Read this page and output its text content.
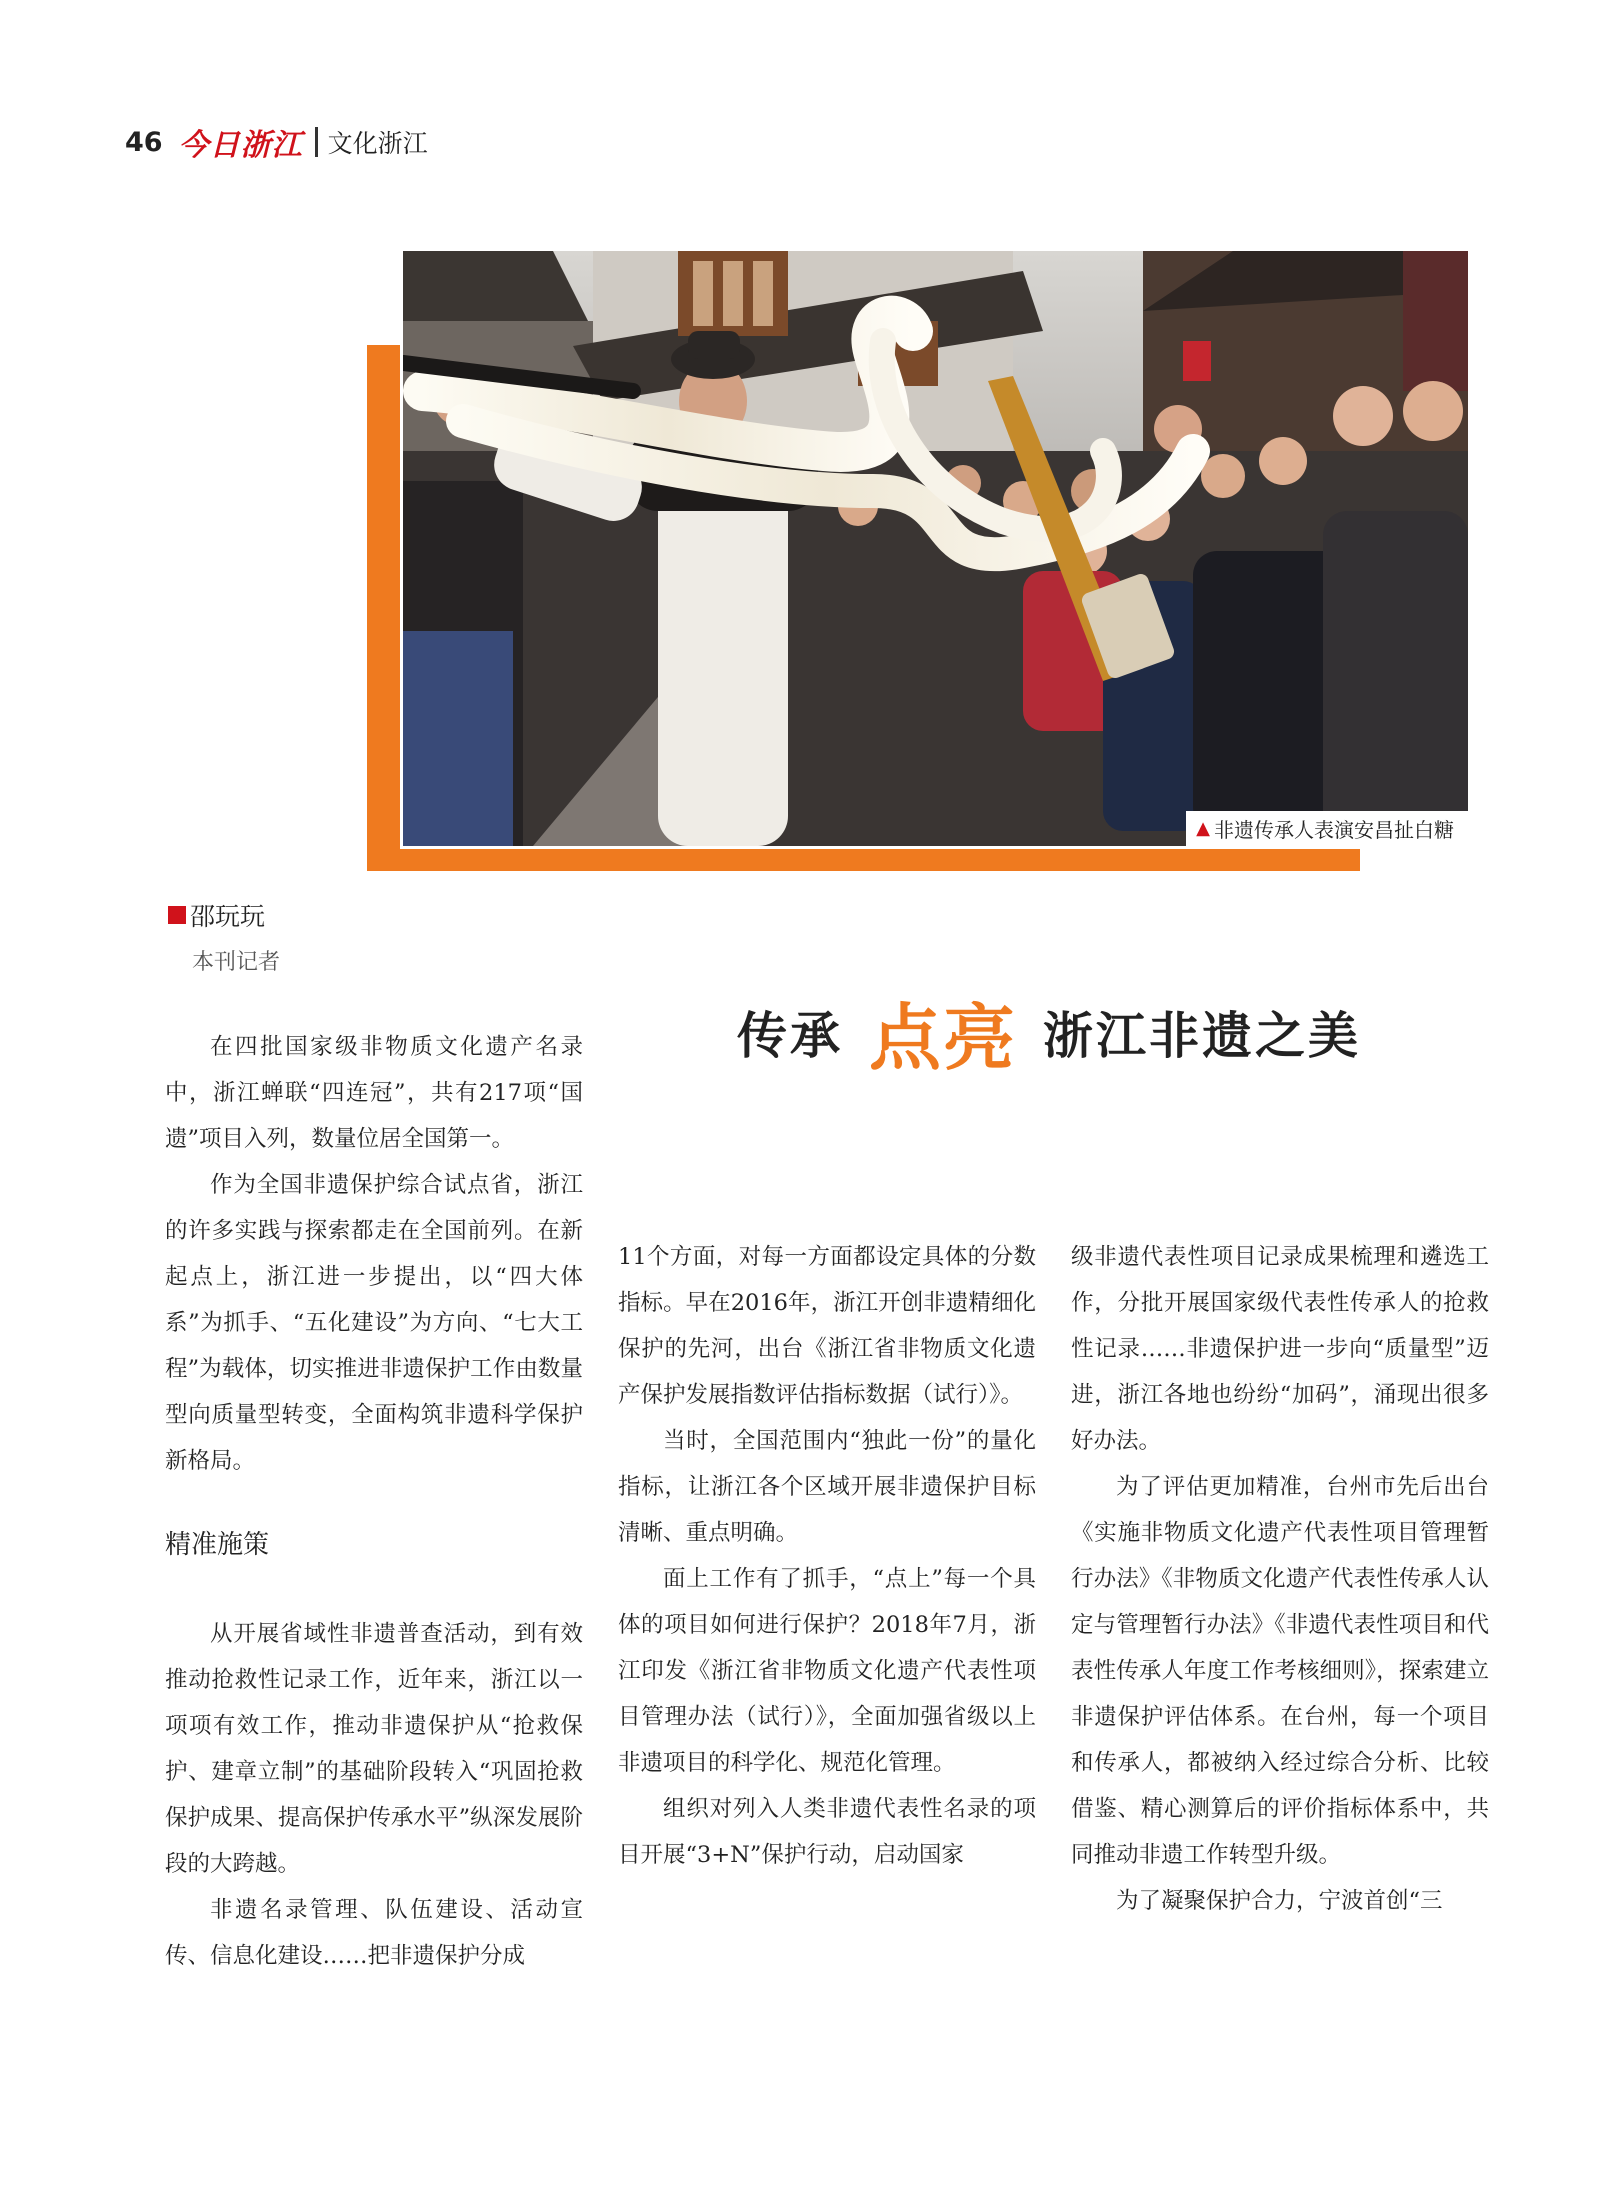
46 今日浙江 文化浙江
▲ 非遗传承人表演安昌扯白糖
邵玩玩
本刊记者
传承 点亮 浙江非遗之美

在四批国家级非物质文化遗产名录中，浙江蝉联“四连冠”，共有217项“国遗”项目入列，数量位居全国第一。

作为全国非遗保护综合试点省，浙江的许多实践与探索都走在全国前列。在新起点上，浙江进一步提出，以“四大体系”为抓手、“五化建设”为方向、“七大工程”为载体，切实推进非遗保护工作由数量型向质量型转变，全面构筑非遗科学保护新格局。

精准施策

从开展省域性非遗普查活动，到有效推动抢救性记录工作，近年来，浙江以一项项有效工作，推动非遗保护从“抢救保护、建章立制”的基础阶段转入“巩固抢救保护成果、提高保护传承水平”纵深发展阶段的大跨越。

非遗名录管理、队伍建设、活动宣传、信息化建设……把非遗保护分成

11个方面，对每一方面都设定具体的分数指标。早在2016年，浙江开创非遗精细化保护的先河，出台《浙江省非物质文化遗产保护发展指数评估指标数据（试行）》。

当时，全国范围内“独此一份”的量化指标，让浙江各个区域开展非遗保护目标清晰、重点明确。

面上工作有了抓手，“点上”每一个具体的项目如何进行保护？2018年7月，浙江印发《浙江省非物质文化遗产代表性项目管理办法（试行）》，全面加强省级以上非遗项目的科学化、规范化管理。

组织对列入人类非遗代表性名录的项目开展“3+N”保护行动，启动国家

级非遗代表性项目记录成果梳理和遴选工作，分批开展国家级代表性传承人的抢救性记录……非遗保护进一步向“质量型”迈进，浙江各地也纷纷“加码”，涌现出很多好办法。

为了评估更加精准，台州市先后出台《实施非物质文化遗产代表性项目管理暂行办法》《非物质文化遗产代表性传承人认定与管理暂行办法》《非遗代表性项目和代表性传承人年度工作考核细则》，探索建立非遗保护评估体系。在台州，每一个项目和传承人，都被纳入经过综合分析、比较借鉴、精心测算后的评价指标体系中，共同推动非遗工作转型升级。

为了凝聚保护合力，宁波首创“三
